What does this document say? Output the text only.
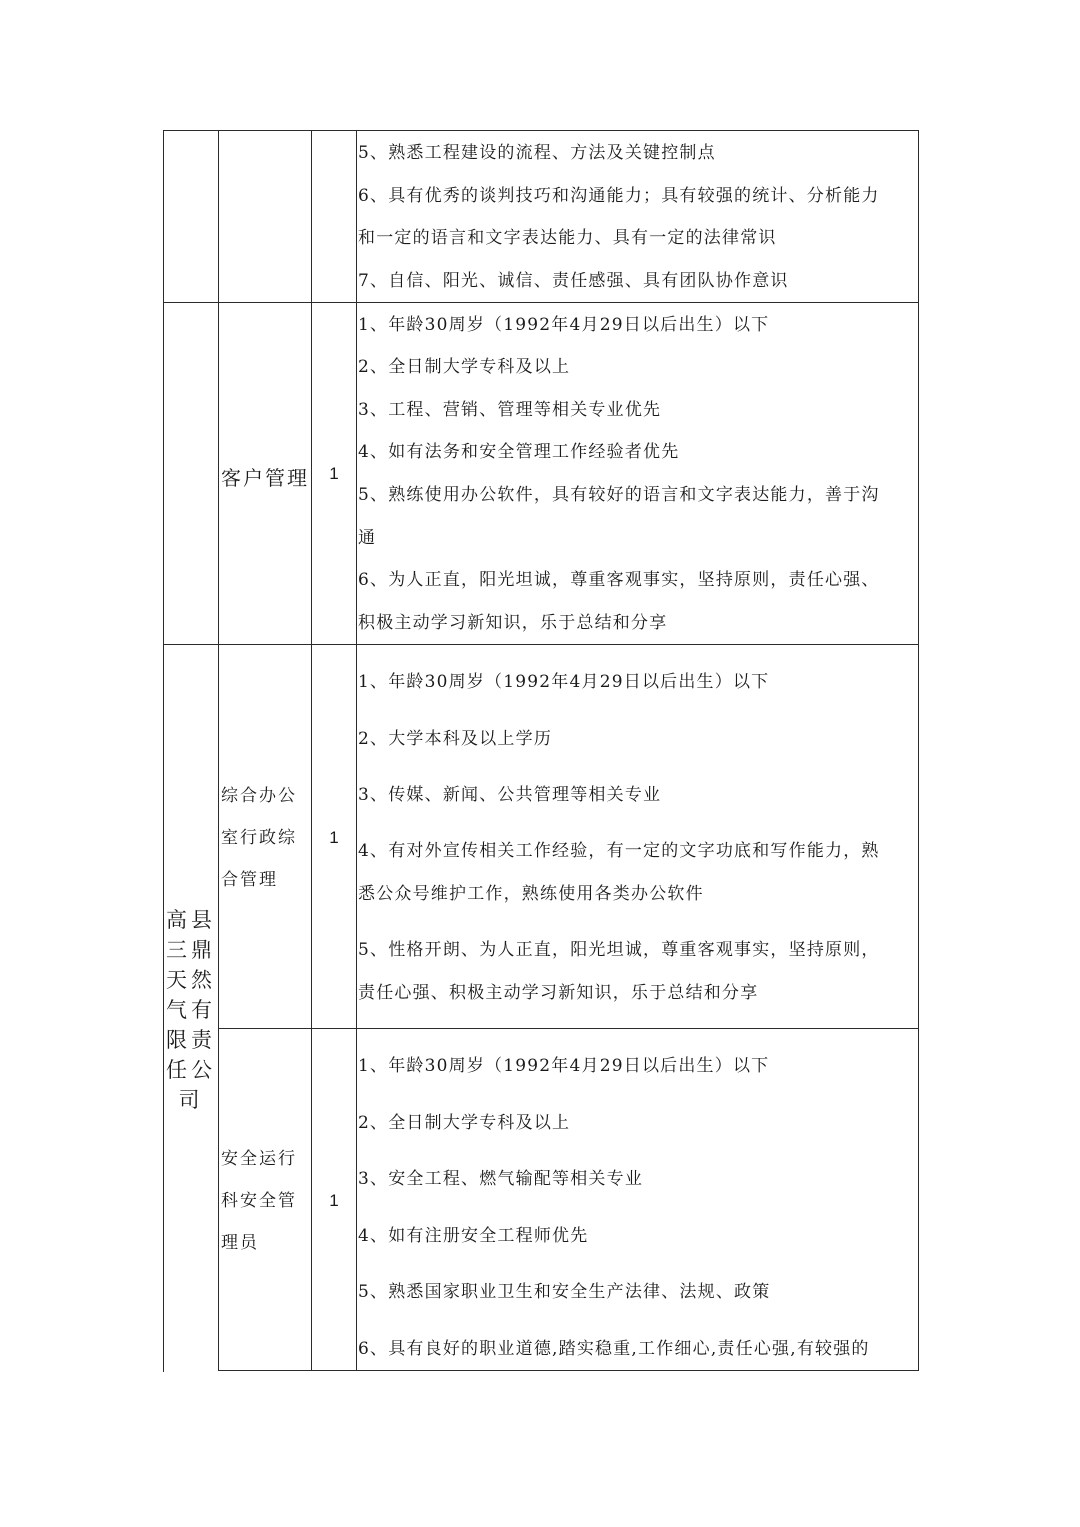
5、熟悉工程建设的流程、方法及关键控制点
6、具有优秀的谈判技巧和沟通能力；具有较强的统计、分析能力
和一定的语言和文字表达能力、具有一定的法律常识
7、自信、阳光、诚信、责任感强、具有团队协作意识
客户管理	1
1、年龄30周岁（1992年4月29日以后出生）以下
2、全日制大学专科及以上
3、工程、营销、管理等相关专业优先
4、如有法务和安全管理工作经验者优先
5、熟练使用办公软件，具有较好的语言和文字表达能力，善于沟
通
6、为人正直，阳光坦诚，尊重客观事实，坚持原则，责任心强、
积极主动学习新知识，乐于总结和分享
高县
三鼎
天然
气有
限责
任公
司
综合办公
室行政综
合管理
1
1、年龄30周岁（1992年4月29日以后出生）以下
2、大学本科及以上学历
3、传媒、新闻、公共管理等相关专业
4、有对外宣传相关工作经验，有一定的文字功底和写作能力，熟
悉公众号维护工作，熟练使用各类办公软件
5、性格开朗、为人正直，阳光坦诚，尊重客观事实，坚持原则，
责任心强、积极主动学习新知识，乐于总结和分享
安全运行
科安全管
理员
1
1、年龄30周岁（1992年4月29日以后出生）以下
2、全日制大学专科及以上
3、安全工程、燃气输配等相关专业
4、如有注册安全工程师优先
5、熟悉国家职业卫生和安全生产法律、法规、政策
6、具有良好的职业道德,踏实稳重,工作细心,责任心强,有较强的
